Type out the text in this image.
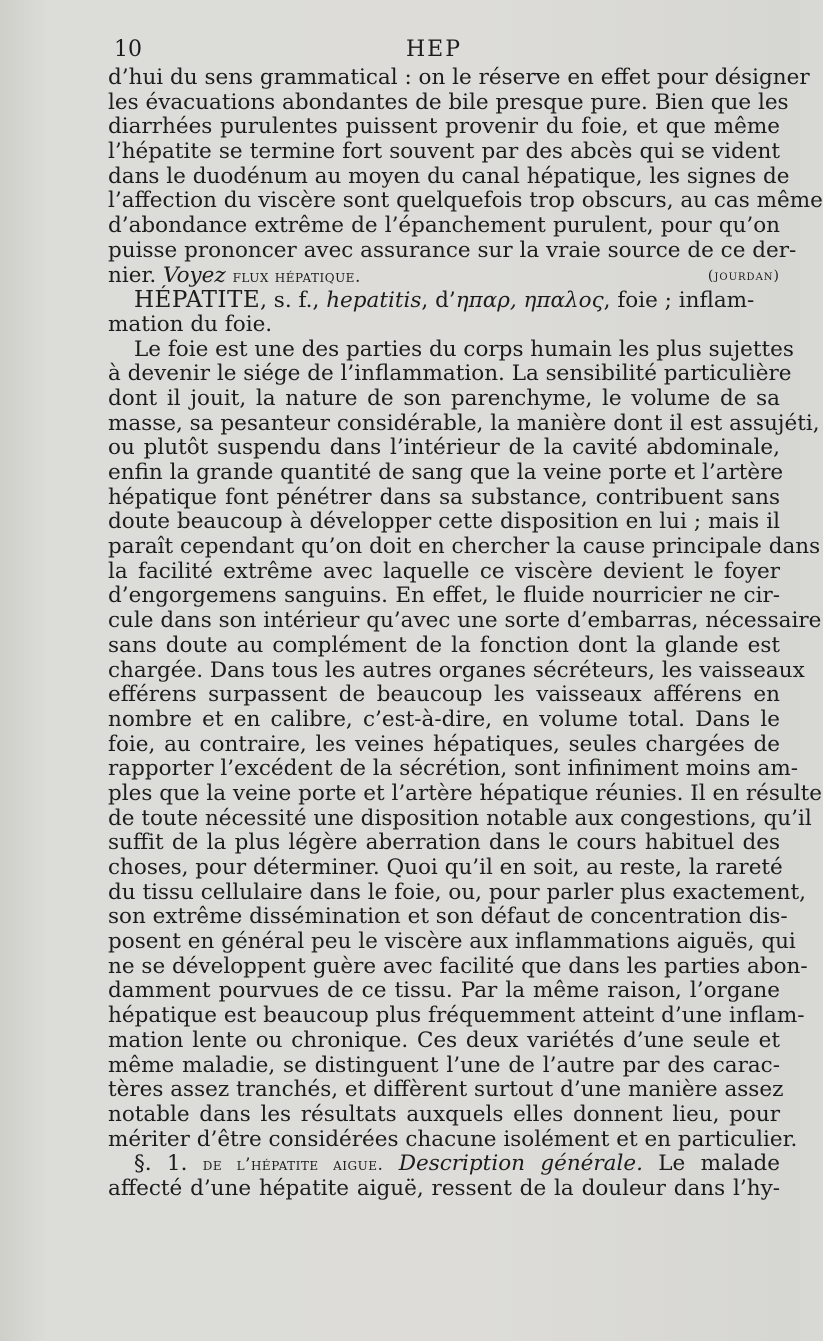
10	HEP
d’hui du sens grammatical : on le réserve en effet pour désigner
les évacuations abondantes de bile presque pure. Bien que les
diarrhées purulentes puissent provenir du foie, et que même
l’hépatite se termine fort souvent par des abcès qui se vident
dans le duodénum au moyen du canal hépatique, les signes de
l’affection du viscère sont quelquefois trop obscurs, au cas même
d’abondance extrême de l’épanchement purulent, pour qu’on
puisse prononcer avec assurance sur la vraie source de ce der-
nier. Voyez flux hépatique.	(jourdan)
HÉPATITE, s. f., hepatitis, d’ηπαρ, ηπαλος, foie ; inflam-
mation du foie.
Le foie est une des parties du corps humain les plus sujettes
à devenir le siége de l’inflammation. La sensibilité particulière
dont il jouit, la nature de son parenchyme, le volume de sa
masse, sa pesanteur considérable, la manière dont il est assujéti,
ou plutôt suspendu dans l’intérieur de la cavité abdominale,
enfin la grande quantité de sang que la veine porte et l’artère
hépatique font pénétrer dans sa substance, contribuent sans
doute beaucoup à développer cette disposition en lui ; mais il
paraît cependant qu’on doit en chercher la cause principale dans
la facilité extrême avec laquelle ce viscère devient le foyer
d’engorgemens sanguins. En effet, le fluide nourricier ne cir-
cule dans son intérieur qu’avec une sorte d’embarras, nécessaire
sans doute au complément de la fonction dont la glande est
chargée. Dans tous les autres organes sécréteurs, les vaisseaux
efférens surpassent de beaucoup les vaisseaux afférens en
nombre et en calibre, c’est-à-dire, en volume total. Dans le
foie, au contraire, les veines hépatiques, seules chargées de
rapporter l’excédent de la sécrétion, sont infiniment moins am-
ples que la veine porte et l’artère hépatique réunies. Il en résulte
de toute nécessité une disposition notable aux congestions, qu’il
suffit de la plus légère aberration dans le cours habituel des
choses, pour déterminer. Quoi qu’il en soit, au reste, la rareté
du tissu cellulaire dans le foie, ou, pour parler plus exactement,
son extrême dissémination et son défaut de concentration dis-
posent en général peu le viscère aux inflammations aiguës, qui
ne se développent guère avec facilité que dans les parties abon-
damment pourvues de ce tissu. Par la même raison, l’organe
hépatique est beaucoup plus fréquemment atteint d’une inflam-
mation lente ou chronique. Ces deux variétés d’une seule et
même maladie, se distinguent l’une de l’autre par des carac-
tères assez tranchés, et diffèrent surtout d’une manière assez
notable dans les résultats auxquels elles donnent lieu, pour
mériter d’être considérées chacune isolément et en particulier.
§. 1. de l’hépatite aigue. Description générale. Le malade
affecté d’une hépatite aiguë, ressent de la douleur dans l’hy-
